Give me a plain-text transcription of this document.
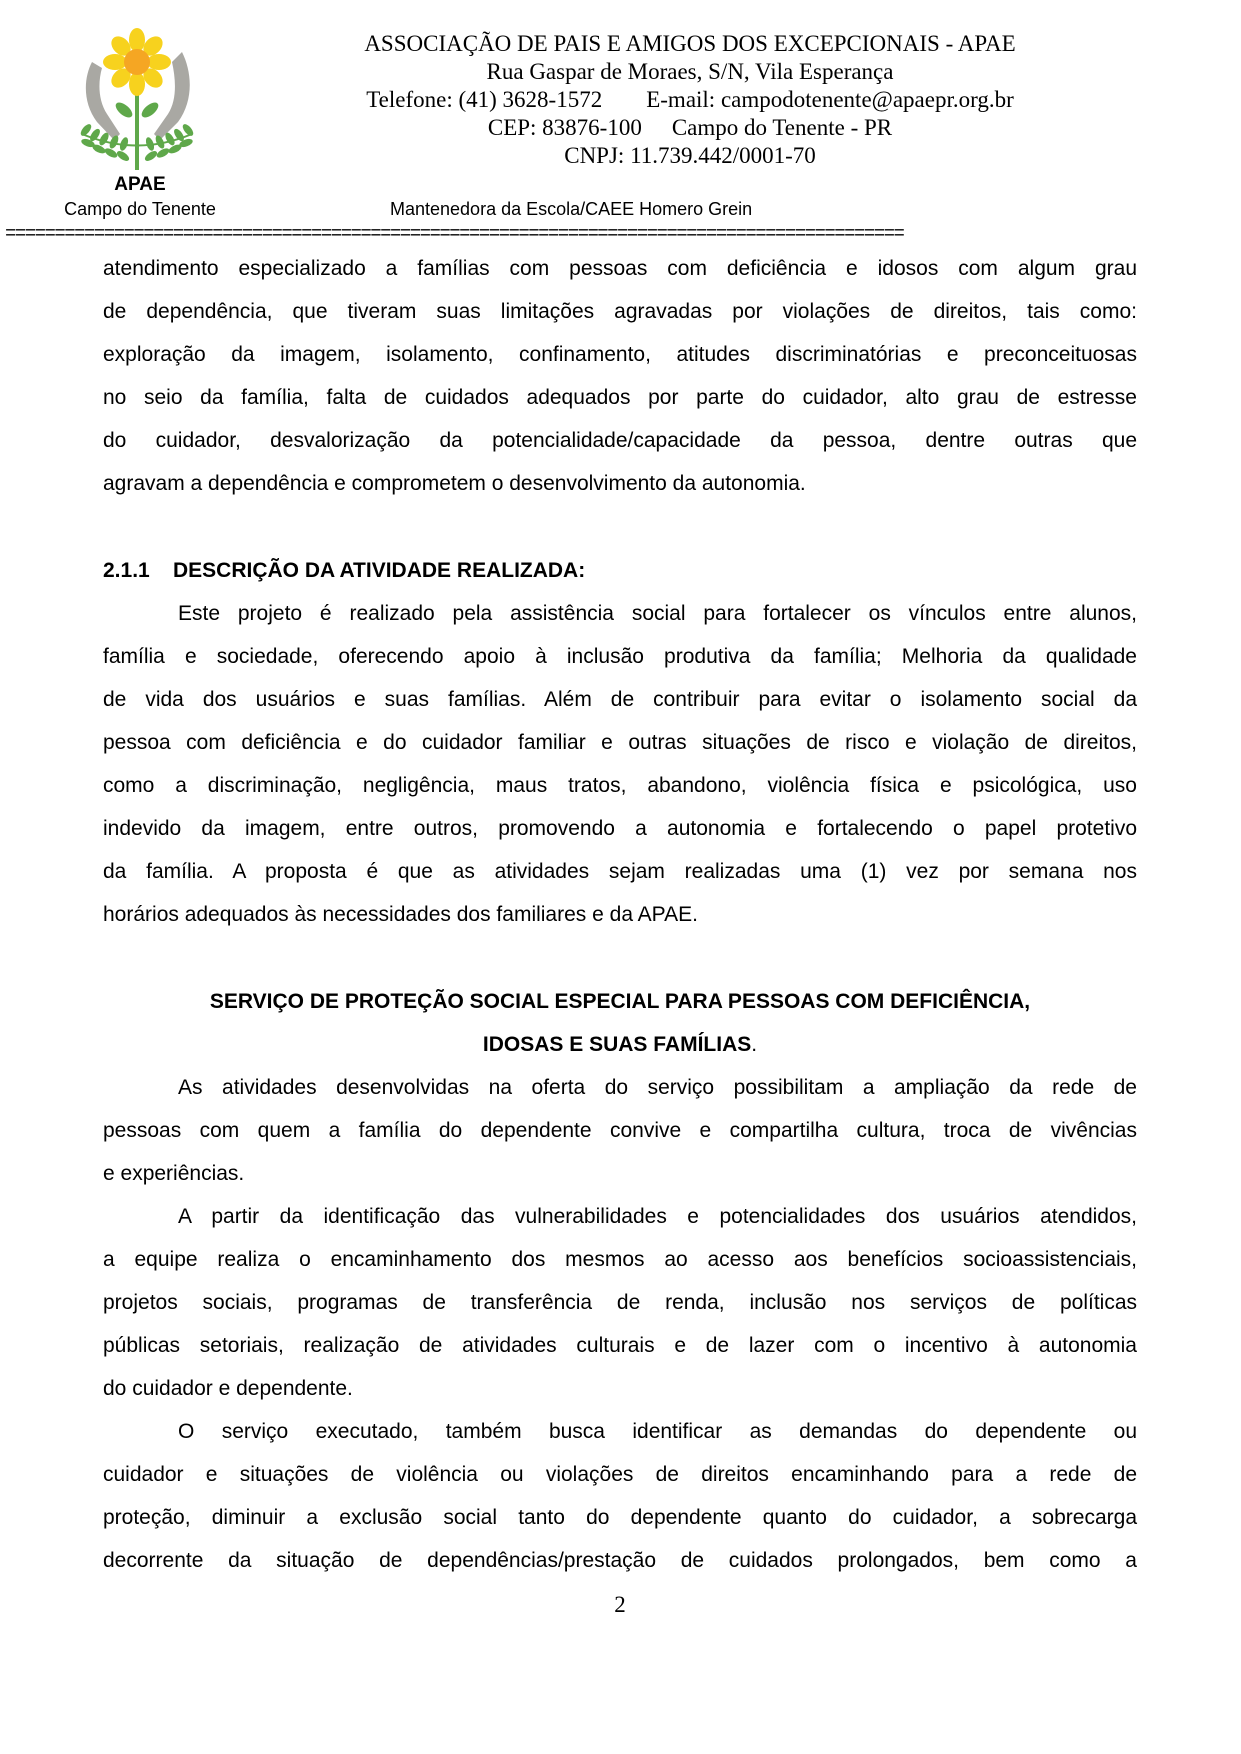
APAE
Campo do Tenente
ASSOCIAÇÃO DE PAIS E AMIGOS DOS EXCEPCIONAIS - APAE
Rua Gaspar de Moraes, S/N, Vila Esperança
Telefone: (41) 3628-1572 E-mail: campodotenente@apaepr.org.br
CEP: 83876-100 Campo do Tenente - PR
CNPJ: 11.739.442/0001-70
Mantenedora da Escola/CAEE Homero Grein
===========================================================================================
atendimento especializado a famílias com pessoas com deficiência e idosos com algum grau
de dependência, que tiveram suas limitações agravadas por violações de direitos, tais como:
exploração da imagem, isolamento, confinamento, atitudes discriminatórias e preconceituosas
no seio da família, falta de cuidados adequados por parte do cuidador, alto grau de estresse
do cuidador, desvalorização da potencialidade/capacidade da pessoa, dentre outras que
agravam a dependência e comprometem o desenvolvimento da autonomia.
2.1.1 DESCRIÇÃO DA ATIVIDADE REALIZADA:
Este projeto é realizado pela assistência social para fortalecer os vínculos entre alunos,
família e sociedade, oferecendo apoio à inclusão produtiva da família; Melhoria da qualidade
de vida dos usuários e suas famílias. Além de contribuir para evitar o isolamento social da
pessoa com deficiência e do cuidador familiar e outras situações de risco e violação de direitos,
como a discriminação, negligência, maus tratos, abandono, violência física e psicológica, uso
indevido da imagem, entre outros, promovendo a autonomia e fortalecendo o papel protetivo
da família. A proposta é que as atividades sejam realizadas uma (1) vez por semana nos
horários adequados às necessidades dos familiares e da APAE.
SERVIÇO DE PROTEÇÃO SOCIAL ESPECIAL PARA PESSOAS COM DEFICIÊNCIA,
IDOSAS E SUAS FAMÍLIAS.
As atividades desenvolvidas na oferta do serviço possibilitam a ampliação da rede de
pessoas com quem a família do dependente convive e compartilha cultura, troca de vivências
e experiências.
A partir da identificação das vulnerabilidades e potencialidades dos usuários atendidos,
a equipe realiza o encaminhamento dos mesmos ao acesso aos benefícios socioassistenciais,
projetos sociais, programas de transferência de renda, inclusão nos serviços de políticas
públicas setoriais, realização de atividades culturais e de lazer com o incentivo à autonomia
do cuidador e dependente.
O serviço executado, também busca identificar as demandas do dependente ou
cuidador e situações de violência ou violações de direitos encaminhando para a rede de
proteção, diminuir a exclusão social tanto do dependente quanto do cuidador, a sobrecarga
decorrente da situação de dependências/prestação de cuidados prolongados, bem como a
2
